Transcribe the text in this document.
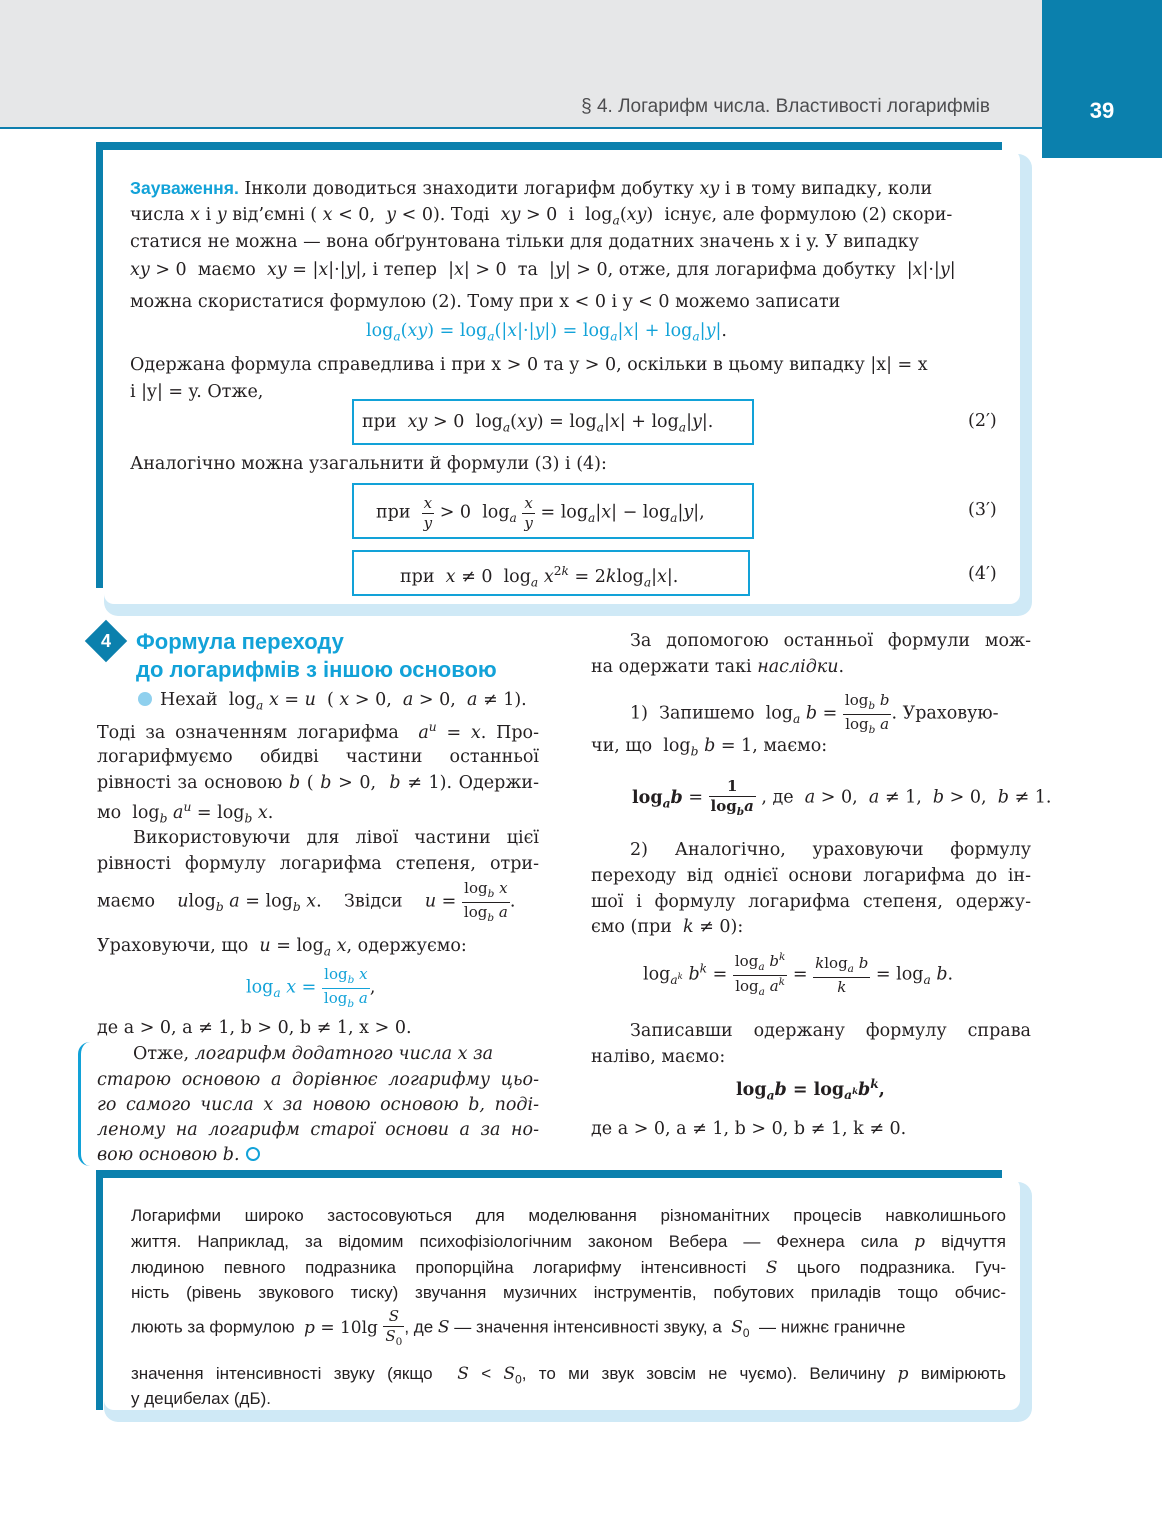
§ 4. Логарифм числа. Властивості логарифмів	39
Зауваження. Інколи доводиться знаходити логарифм добутку xy і в тому випадку, коли
числа x і y від’ємні ( x < 0,  y < 0). Тоді  xy > 0  і  $\log_a(xy)$  існує, але формулою (2) скори-
статися не можна — вона обґрунтована тільки для додатних значень x і y. У випадку
xy > 0  маємо  xy = |x|·|y|, і тепер  |x| > 0  та  |y| > 0, отже, для логарифма добутку  |x|·|y|
можна скористатися формулою (2). Тому при x < 0 і y < 0 можемо записати
$\log_a(xy) = \log_a(|x|\cdot|y|) = \log_a|x| + \log_a|y|$.
Одержана формула справедлива і при x > 0 та y > 0, оскільки в цьому випадку |x| = x
і |y| = y. Отже,
при  xy > 0  $\log_a(xy) = \log_a|x| + \log_a|y|$.	(2′)
Аналогічно можна узагальнити й формули (3) і (4):
при $\frac{x}{y} > 0$  $\log_a \frac{x}{y} = \log_a|x| - \log_a|y|$,	(3′)
при  x ≠ 0  $\log_a x^{2k} = 2klog_a|x|$.	(4′)
4	Формула переходу
до логарифмів з іншою основою
Нехай  $\log_a x = u$  ( x > 0,  a > 0,  a ≠ 1).
Тоді за означенням логарифма  $a^u = x$. Про-
логарифмуємо обидві частини останньої
рівності за основою b ( b > 0,  b ≠ 1). Одержи-
мо  $\log_b a^u = \log_b x$.
Використовуючи для лівої частини цієї
рівності формулу логарифма степеня, отри-
маємо    ulog$_b$ $a = \log_b x$.    Звідси    $u = \frac{\log_b x}{\log_b a}$ .
Ураховуючи, що  $u = \log_a x$, одержуємо:
$\log_a x = \frac{\log_b x}{\log_b a}$ ,
де a > 0, a ≠ 1, b > 0, b ≠ 1, x > 0.
Отже, логарифм додатного числа x за
старою основою a дорівнює логарифму цьо-
го самого числа x за новою основою b, поді-
леному на логарифм старої основи a за но-
вою основою b.
За допомогою останньої формули мож-
на одержати такі наслідки.
1)  Запишемо  $\log_a b = \frac{\log_b b}{\log_b a}$ . Ураховую-
чи, що  $\log_b b = 1$, маємо:
$\log_ab = \frac{1}{\log_ba}$ , де  a > 0,  a ≠ 1,  b > 0,  b ≠ 1.
2) Аналогічно, ураховуючи формулу
переходу від однієї основи логарифма до ін-
шої і формулу логарифма степеня, одержу-
ємо (при  k ≠ 0):
$\log_{a^k} b^k = \frac{\log_a b^k}{\log_a a^k} = \frac{klog_a b}{k} = \log_a b$.
Записавши одержану формулу справа
наліво, маємо:
$\log_ab = \log_{a^k}b^k$,
де a > 0, a ≠ 1, b > 0, b ≠ 1, k ≠ 0.
Логарифми широко застосовуються для моделювання різноманітних процесів навколишнього
життя. Наприклад, за відомим психофізіологічним законом Вебера — Фехнера сила p відчуття
людиною певного подразника пропорційна логарифму інтенсивності S цього подразника. Гуч-
ність (рівень звукового тиску) звучання музичних інструментів, побутових приладів тощо обчис-
люють за формулою  $p = 10\lg \frac{S}{S_0}$ , де S — значення інтенсивності звуку, а  $S_0$  — нижнє граничне
значення інтенсивності звуку (якщо  $S < S_0$, то ми звук зовсім не чуємо). Величину p вимірюють
у децибелах (дБ).
